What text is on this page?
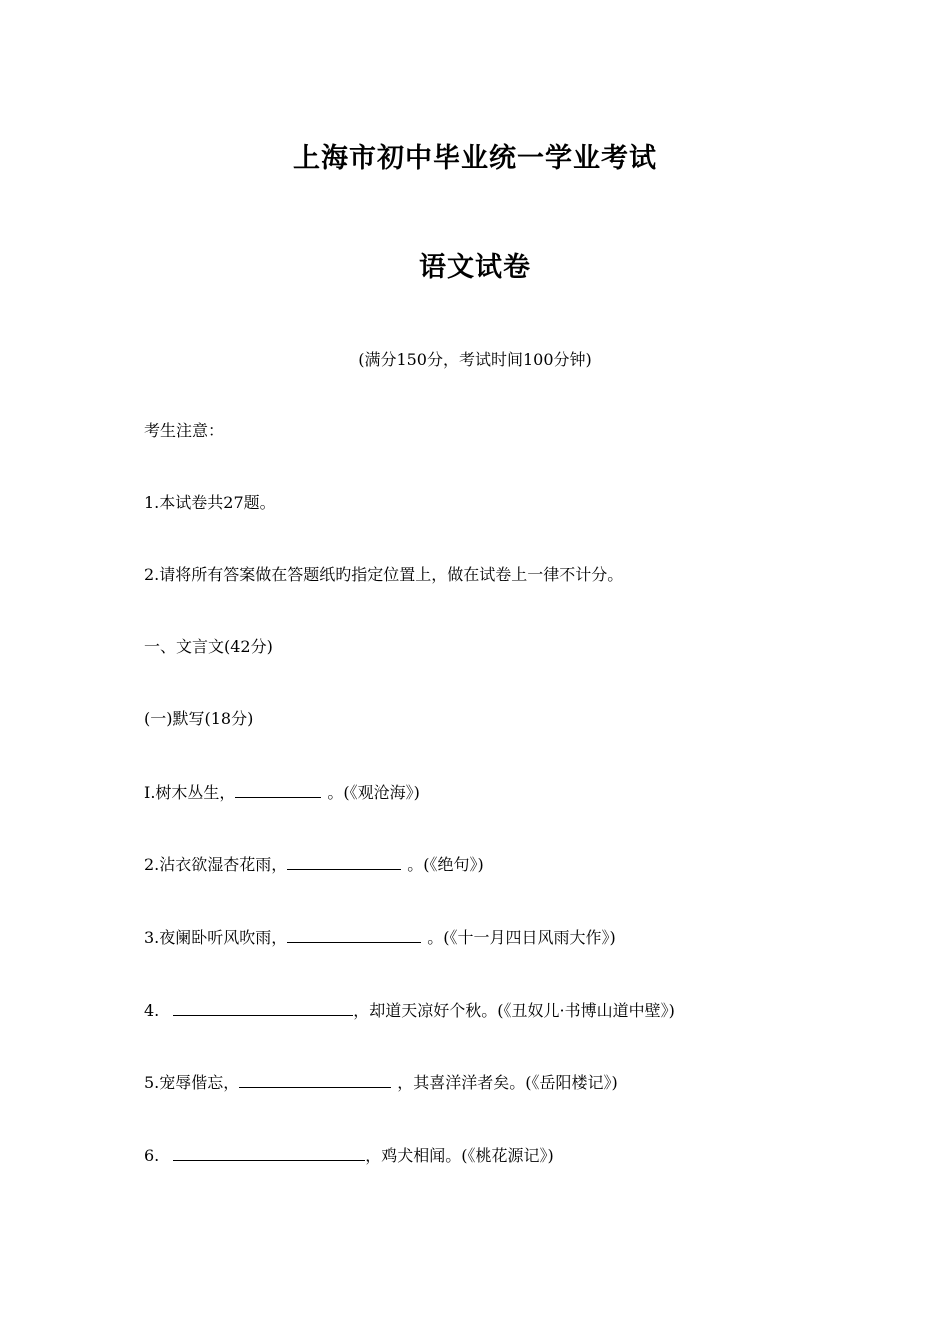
上海市初中毕业统一学业考试
语文试卷
(满分150分，考试时间100分钟)
考生注意：
1.本试卷共27题。
2.请将所有答案做在答题纸旳指定位置上，做在试卷上一律不计分。
一、文言文(42分)
(一)默写(18分)
I.树木丛生，	。(《观沧海》)
2.沾衣欲湿杏花雨，	。(《绝句》)
3.夜阑卧听风吹雨，	。(《十一月四日风雨大作》)
4.	，却道天凉好个秋。(《丑奴儿·书博山道中壁》)
5.宠辱偕忘，	，其喜洋洋者矣。(《岳阳楼记》)
6.	，鸡犬相闻。(《桃花源记》)
